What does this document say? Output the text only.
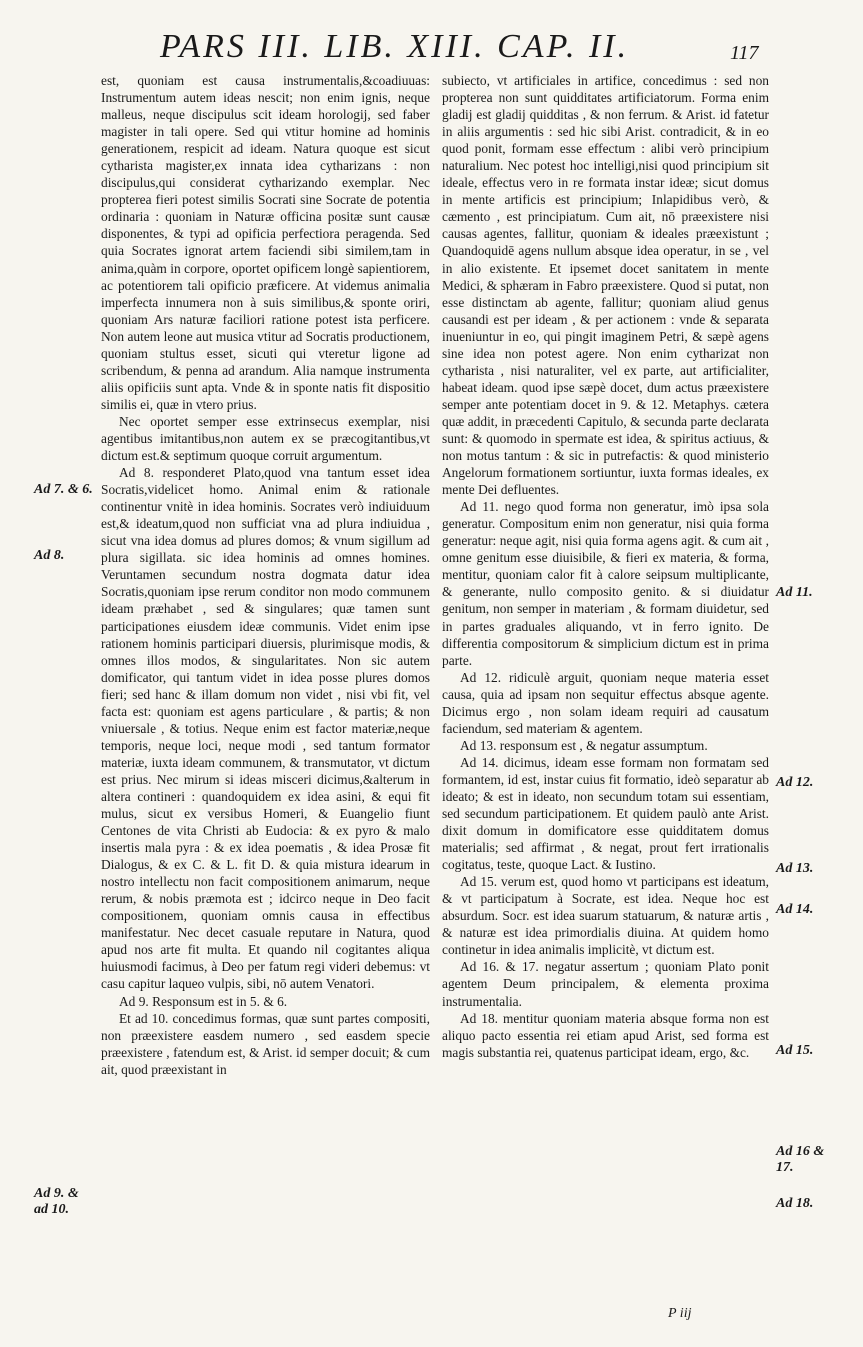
PARS III. LIB. XIII. CAP. II.	117

est, quoniam est causa instrumentalis,&coadiuuas: Instrumentum autem ideas nescit; non enim ignis, neque malleus, neque discipulus scit ideam horologij, sed faber magister in tali opere. Sed qui vtitur homine ad hominis generationem, respicit ad ideam. Natura quoque est sicut cytharista magister,ex innata idea cytharizans : non discipulus,qui considerat cytharizando exemplar. Nec propterea fieri potest similis Socrati sine Socrate de potentia ordinaria : quoniam in Naturæ officina positæ sunt causæ disponentes, & typi ad opificia perfectiora peragenda. Sed quia Socrates ignorat artem faciendi sibi similem,tam in anima,quàm in corpore, oportet opificem longè sapientiorem, ac potentiorem tali opificio præficere. At videmus animalia imperfecta innumera non à suis similibus,& sponte oriri, quoniam Ars naturæ faciliori ratione potest ista perficere. Non autem leone aut musica vtitur ad Socratis productionem, quoniam stultus esset, sicuti qui vteretur ligone ad scribendum, & penna ad arandum. Alia namque instrumenta aliis opificiis sunt apta. Vnde & in sponte natis fit dispositio similis ei, quæ in vtero prius.

Nec oportet semper esse extrinsecus exemplar, nisi agentibus imitantibus,non autem ex se præcogitantibus,vt dictum est.& septimum quoque corruit argumentum.

Ad 8. responderet Plato,quod vna tantum esset idea Socratis,videlicet homo. Animal enim & rationale continentur vnitè in idea hominis. Socrates verò indiuiduum est,& ideatum,quod non sufficiat vna ad plura indiuidua , sicut vna idea domus ad plures domos; & vnum sigillum ad plura sigillata. sic idea hominis ad omnes homines. Veruntamen secundum nostra dogmata datur idea Socratis,quoniam ipse rerum conditor non modo communem ideam præhabet , sed & singulares; quæ tamen sunt participationes eiusdem ideæ communis. Videt enim ipse rationem hominis participari diuersis, plurimisque modis, & omnes illos modos, & singularitates. Non sic autem domificator, qui tantum videt in idea posse plures domos fieri; sed hanc & illam domum non videt , nisi vbi fit, vel facta est: quoniam est agens particulare , & partis; & non vniuersale , & totius. Neque enim est factor materiæ,neque temporis, neque loci, neque modi , sed tantum formator materiæ, iuxta ideam communem, & transmutator, vt dictum est prius. Nec mirum si ideas misceri dicimus,&alterum in altera contineri : quandoquidem ex idea asini, & equi fit mulus, sicut ex versibus Homeri, & Euangelio fiunt Centones de vita Christi ab Eudocia: & ex pyro & malo insertis mala pyra : & ex idea poematis , & idea Prosæ fit Dialogus, & ex C. & L. fit D. & quia mistura idearum in nostro intellectu non facit compositionem animarum, neque rerum, & nobis præmota est ; idcirco neque in Deo facit compositionem, quoniam omnis causa in effectibus manifestatur. Nec decet casuale reputare in Natura, quod apud nos arte fit multa. Et quando nil cogitantes aliqua huiusmodi facimus, à Deo per fatum regi videri debemus: vt casu capitur laqueo vulpis, sibi, nō autem Venatori.

Ad 9. Responsum est in 5. & 6.

Et ad 10. concedimus formas, quæ sunt partes compositi, non præexistere easdem numero , sed easdem specie præexistere , fatendum est, & Arist. id semper docuit; & cum ait, quod præexistant in

subiecto, vt artificiales in artifice, concedimus : sed non propterea non sunt quidditates artificiatorum. Forma enim gladij est gladij quidditas , & non ferrum. & Arist. id fatetur in aliis argumentis : sed hic sibi Arist. contradicit, & in eo quod ponit, formam esse effectum : alibi verò principium naturalium. Nec potest hoc intelligi,nisi quod principium sit ideale, effectus vero in re formata instar ideæ; sicut domus in mente artificis est principium; Inlapidibus verò, & cæmento , est principiatum. Cum ait, nō præexistere nisi causas agentes, fallitur, quoniam & ideales præexistunt ; Quandoquidē agens nullum absque idea operatur, in se , vel in alio existente. Et ipsemet docet sanitatem in mente Medici, & sphæram in Fabro præexistere. Quod si putat, non esse distinctam ab agente, fallitur; quoniam aliud genus causandi est per ideam , & per actionem : vnde & separata inueniuntur in eo, qui pingit imaginem Petri, & sæpè agens sine idea non potest agere. Non enim cytharizat non cytharista , nisi naturaliter, vel ex parte, aut artificialiter, habeat ideam. quod ipse sæpè docet, dum actus præexistere semper ante potentiam docet in 9. & 12. Metaphys. cætera quæ addit, in præcedenti Capitulo, & secunda parte declarata sunt: & quomodo in spermate est idea, & spiritus actiuus, & non motus tantum : & sic in putrefactis: & quod ministerio Angelorum formationem sortiuntur, iuxta formas ideales, ex mente Dei defluentes.

Ad 11. nego quod forma non generatur, imò ipsa sola generatur. Compositum enim non generatur, nisi quia forma generatur: neque agit, nisi quia forma agens agit. & cum ait , omne genitum esse diuisibile, & fieri ex materia, & forma, mentitur, quoniam calor fit à calore seipsum multiplicante, & generante, nullo composito genito. & si diuidatur genitum, non semper in materiam , & formam diuidetur, sed in partes graduales aliquando, vt in ferro ignito. De differentia compositorum & simplicium dictum est in prima parte.

Ad 12. ridiculè arguit, quoniam neque materia esset causa, quia ad ipsam non sequitur effectus absque agente. Dicimus ergo , non solam ideam requiri ad causatum faciendum, sed materiam & agentem.

Ad 13. responsum est , & negatur assumptum.

Ad 14. dicimus, ideam esse formam non formatam sed formantem, id est, instar cuius fit formatio, ideò separatur ab ideato; & est in ideato, non secundum totam sui essentiam, sed secundum participationem. Et quidem paulò ante Arist. dixit domum in domificatore esse quidditatem domus materialis; sed affirmat , & negat, prout fert irrationalis cogitatus, teste, quoque Lact. & Iustino.

Ad 15. verum est, quod homo vt participans est ideatum, & vt participatum à Socrate, est idea. Neque hoc est absurdum. Socr. est idea suarum statuarum, & naturæ artis , & naturæ est idea primordialis diuina. At quidem homo continetur in idea animalis implicitè, vt dictum est.

Ad 16. & 17. negatur assertum ; quoniam Plato ponit agentem Deum principalem, & elementa proxima instrumentalia.

Ad 18. mentitur quoniam materia absque forma non est aliquo pacto essentia rei etiam apud Arist, sed forma est magis substantia rei, quatenus participat ideam, ergo, &c.

Ad 7. & 6.
Ad 8.
Ad 9. & ad 10.
Ad 11.
Ad 12.
Ad 13.
Ad 14.
Ad 15.
Ad 16 & 17.
Ad 18.
P iij
